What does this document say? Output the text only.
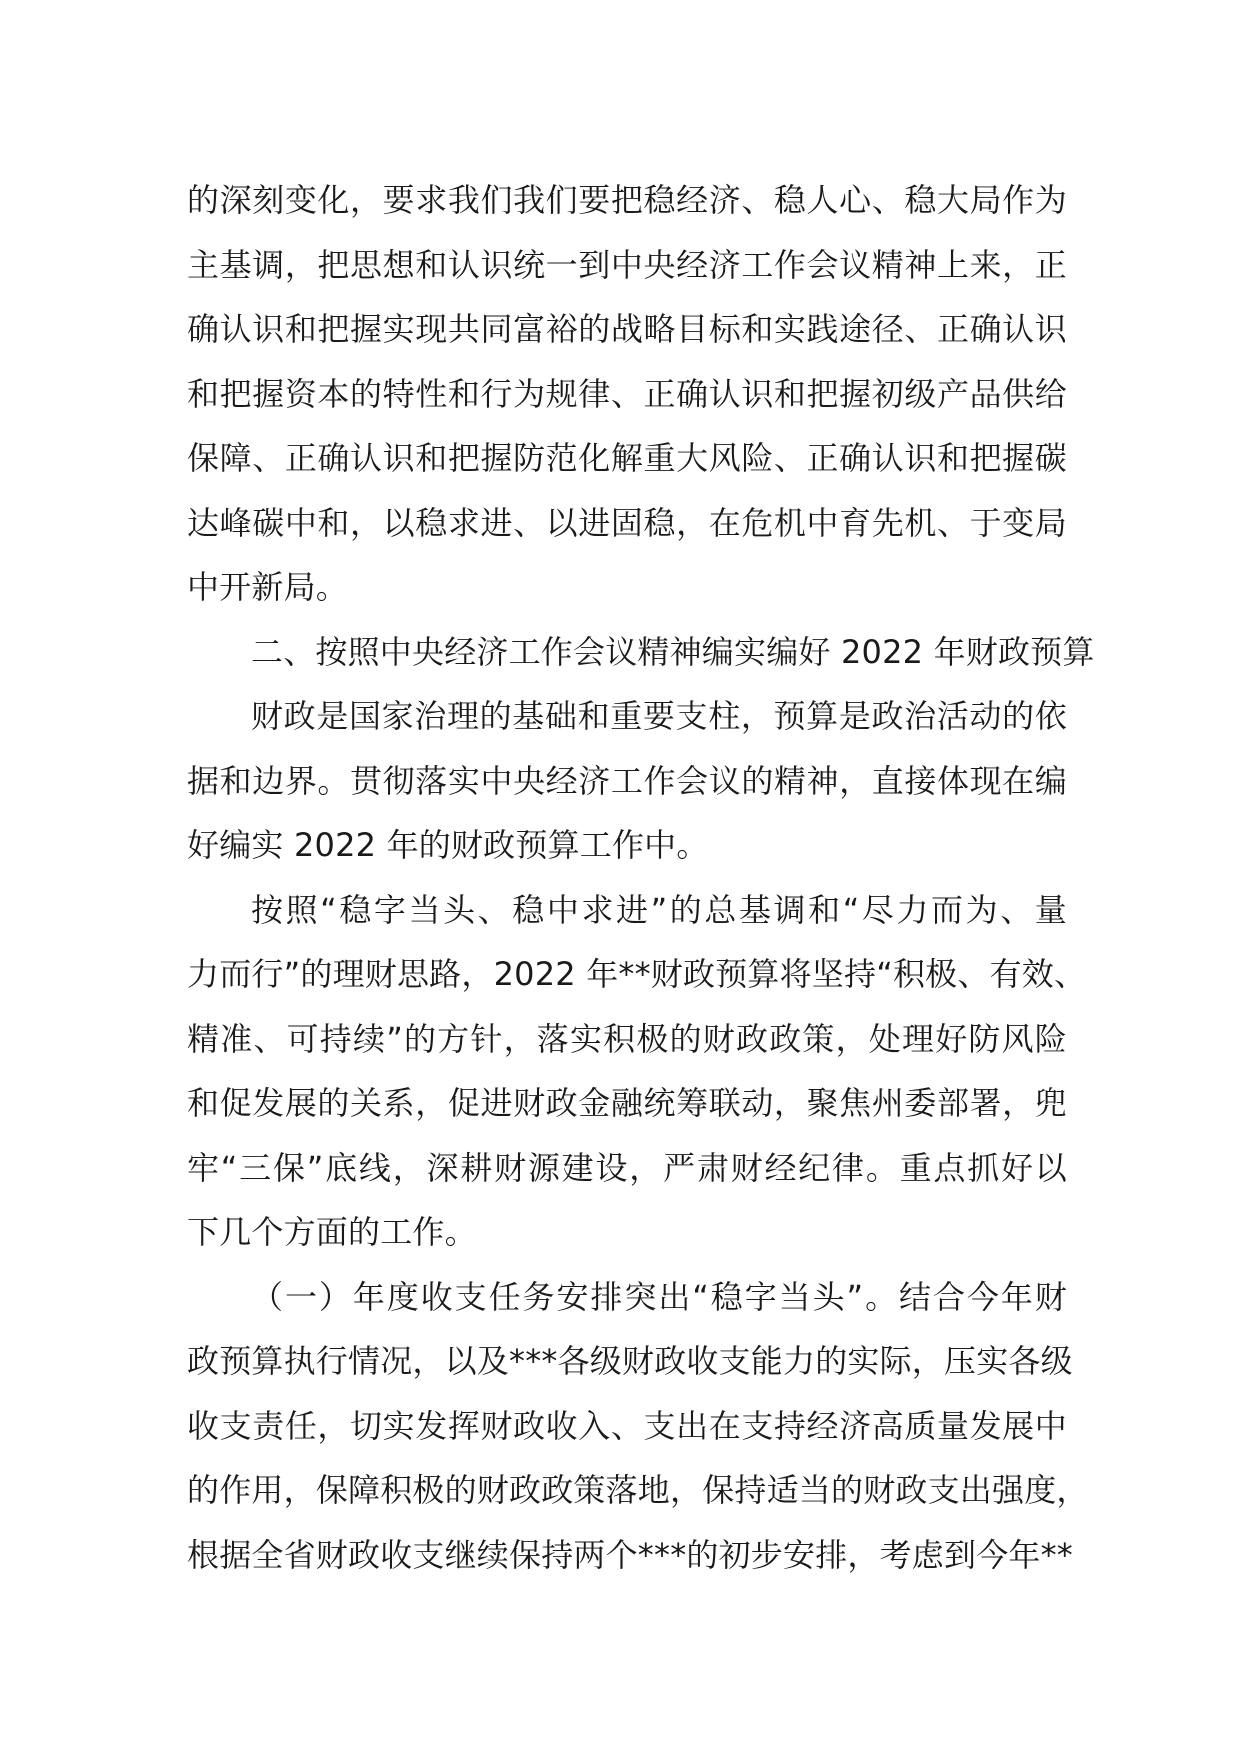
的深刻变化，要求我们我们要把稳经济、稳人心、稳大局作为
主基调，把思想和认识统一到中央经济工作会议精神上来，正
确认识和把握实现共同富裕的战略目标和实践途径、正确认识
和把握资本的特性和行为规律、正确认识和把握初级产品供给
保障、正确认识和把握防范化解重大风险、正确认识和把握碳
达峰碳中和，以稳求进、以进固稳，在危机中育先机、于变局
中开新局。
二、按照中央经济工作会议精神编实编好 2022 年财政预算
财政是国家治理的基础和重要支柱，预算是政治活动的依
据和边界。贯彻落实中央经济工作会议的精神，直接体现在编
好编实 2022 年的财政预算工作中。
按照“稳字当头、稳中求进”的总基调和“尽力而为、量
力而行”的理财思路，2022 年**财政预算将坚持“积极、有效、
精准、可持续”的方针，落实积极的财政政策，处理好防风险
和促发展的关系，促进财政金融统筹联动，聚焦州委部署，兜
牢“三保”底线，深耕财源建设，严肃财经纪律。重点抓好以
下几个方面的工作。
（一）年度收支任务安排突出“稳字当头”。结合今年财
政预算执行情况，以及***各级财政收支能力的实际，压实各级
收支责任，切实发挥财政收入、支出在支持经济高质量发展中
的作用，保障积极的财政政策落地，保持适当的财政支出强度，
根据全省财政收支继续保持两个***的初步安排，考虑到今年**
